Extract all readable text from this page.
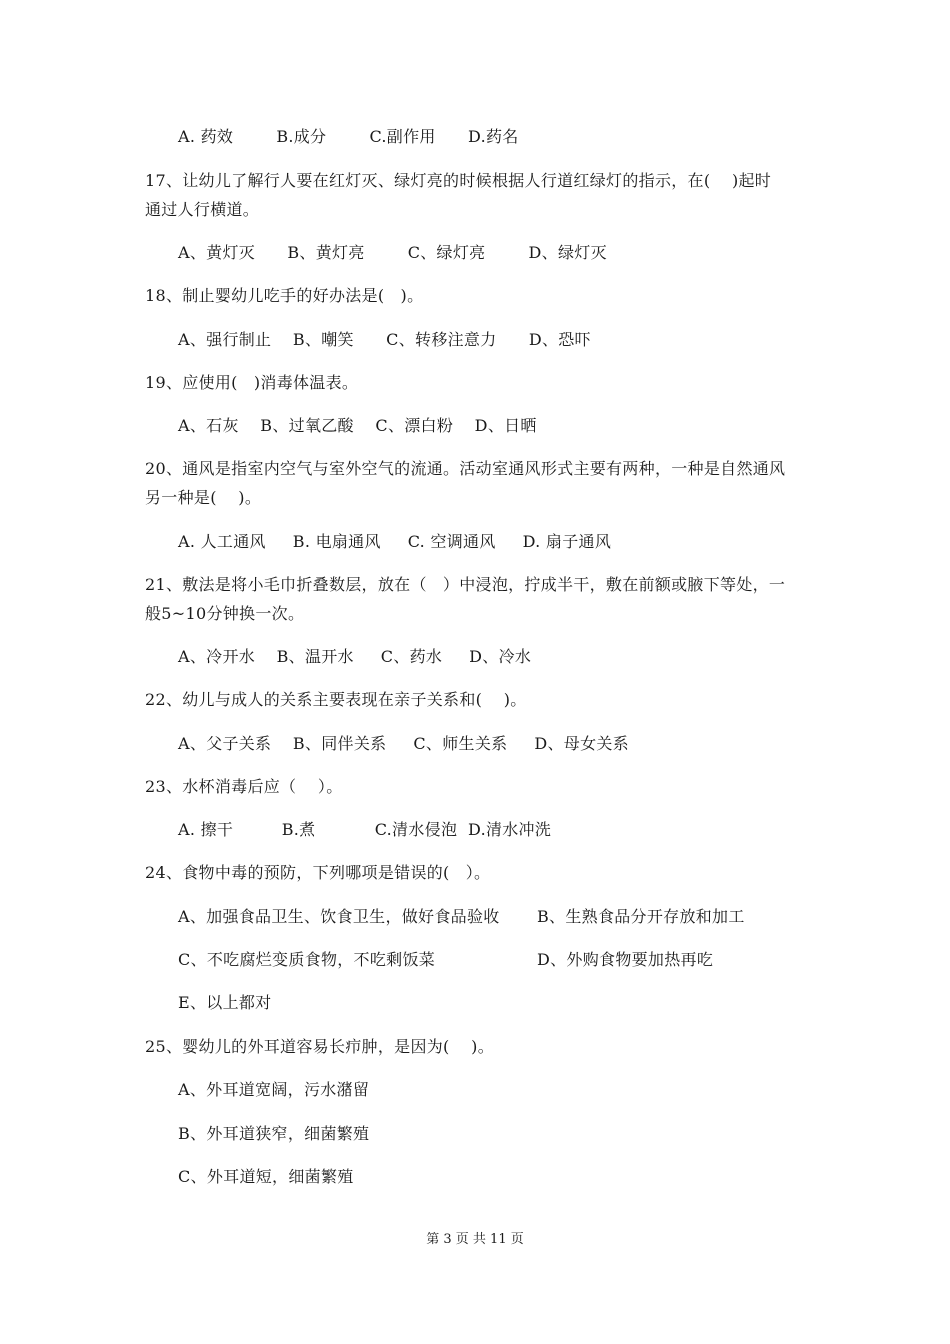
A. 药效        B.成分        C.副作用      D.药名
17、让幼儿了解行人要在红灯灭、绿灯亮的时候根据人行道红绿灯的指示，在(    )起时
通过人行横道。
A、黄灯灭      B、黄灯亮        C、绿灯亮        D、绿灯灭
18、制止婴幼儿吃手的好办法是(   )。
A、强行制止    B、嘲笑      C、转移注意力      D、恐吓
19、应使用(   )消毒体温表。
A、石灰    B、过氧乙酸    C、漂白粉    D、日晒
20、通风是指室内空气与室外空气的流通。活动室通风形式主要有两种，一种是自然通风
另一种是(    )。
A. 人工通风     B. 电扇通风     C. 空调通风     D. 扇子通风
21、敷法是将小毛巾折叠数层，放在（   ）中浸泡，拧成半干，敷在前额或腋下等处，一
般5~10分钟换一次。
A、冷开水    B、温开水     C、药水     D、冷水
22、幼儿与成人的关系主要表现在亲子关系和(    )。
A、父子关系    B、同伴关系     C、师生关系     D、母女关系
23、水杯消毒后应（    ）。
A. 擦干         B.煮           C.清水侵泡  D.清水冲洗
24、食物中毒的预防，下列哪项是错误的(   ）。
A、加强食品卫生、饮食卫生，做好食品验收 B、生熟食品分开存放和加工
C、不吃腐烂变质食物，不吃剩饭菜	D、外购食物要加热再吃
E、以上都对
25、婴幼儿的外耳道容易长疖肿，是因为(    )。
A、外耳道宽阔，污水潴留
B、外耳道狭窄，细菌繁殖
C、外耳道短，细菌繁殖
第 3 页 共 11 页
